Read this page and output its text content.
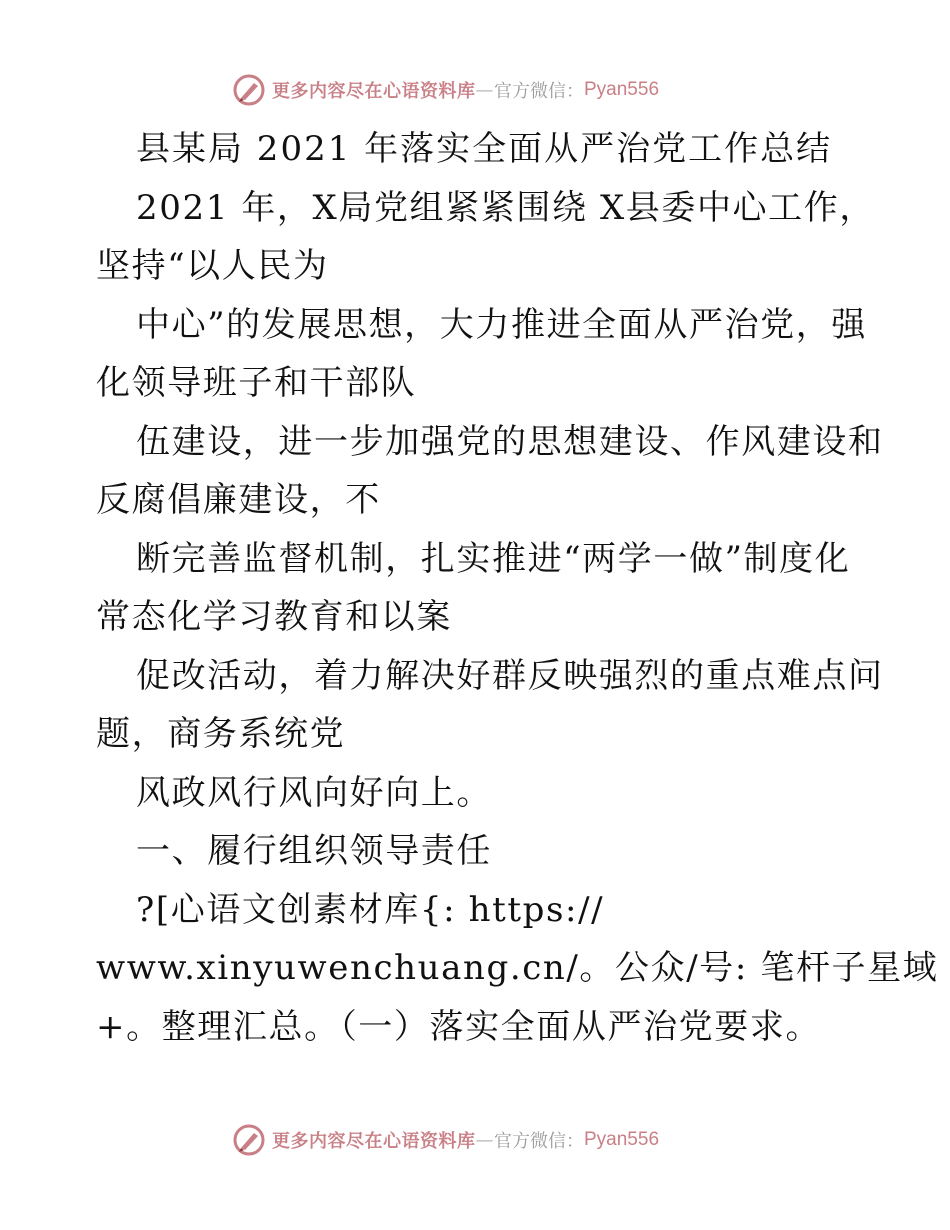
更多内容尽在心语资料库 — 官方微信： Pyan556
县某局 2021 年落实全面从严治党工作总结
2021 年，X局党组紧紧围绕 X县委中心工作，
坚持“以人民为
中心”的发展思想，大力推进全面从严治党，强
化领导班子和干部队
伍建设，进一步加强党的思想建设、作风建设和
反腐倡廉建设，不
断完善监督机制，扎实推进“两学一做”制度化
常态化学习教育和以案
促改活动，着力解决好群反映强烈的重点难点问
题，商务系统党
风政风行风向好向上。
一、履行组织领导责任
?[心语文创素材库{: https://
www.xinyuwenchuang.cn/。公众/号: 笔杆子星域
+。整理汇总。（一）落实全面从严治党要求。
更多内容尽在心语资料库 — 官方微信： Pyan556
